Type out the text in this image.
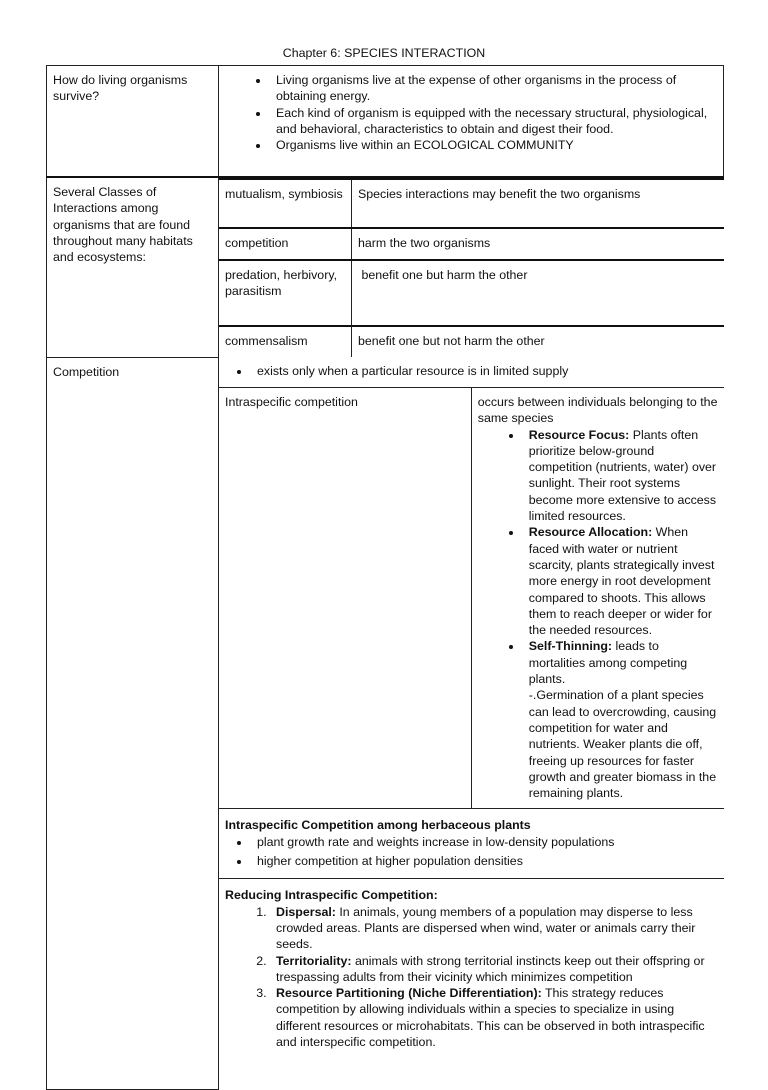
Chapter 6: SPECIES INTERACTION
How do living organisms survive?	
• Living organisms live at the expense of other organisms in the process of obtaining energy.
• Each kind of organism is equipped with the necessary structural, physiological, and behavioral, characteristics to obtain and digest their food.
• Organisms live within an ECOLOGICAL COMMUNITY

Several Classes of Interactions among organisms that are found throughout many habitats and ecosystems:	
mutualism, symbiosis	Species interactions may benefit the two organisms
competition	harm the two organisms
predation, herbivory, parasitism	benefit one but harm the other
commensalism	benefit one but not harm the other

Competition	
•	exists only when a particular resource is in limited supply

Intraspecific competition	occurs between individuals belonging to the same species
• Resource Focus: Plants often prioritize below-ground competition (nutrients, water) over sunlight. Their root systems become more extensive to access limited resources.
• Resource Allocation: When faced with water or nutrient scarcity, plants strategically invest more energy in root development compared to shoots. This allows them to reach deeper or wider for the needed resources.
• Self-Thinning: leads to mortalities among competing plants.
-.Germination of a plant species can lead to overcrowding, causing competition for water and nutrients. Weaker plants die off, freeing up resources for faster growth and greater biomass in the remaining plants.

Intraspecific Competition among herbaceous plants
• plant growth rate and weights increase in low-density populations
• higher competition at higher population densities

Reducing Intraspecific Competition:
1. Dispersal: In animals, young members of a population may disperse to less crowded areas. Plants are dispersed when wind, water or animals carry their seeds.
2. Territoriality: animals with strong territorial instincts keep out their offspring or trespassing adults from their vicinity which minimizes competition
3. Resource Partitioning (Niche Differentiation): This strategy reduces competition by allowing individuals within a species to specialize in using different resources or microhabitats. This can be observed in both intraspecific and interspecific competition.
